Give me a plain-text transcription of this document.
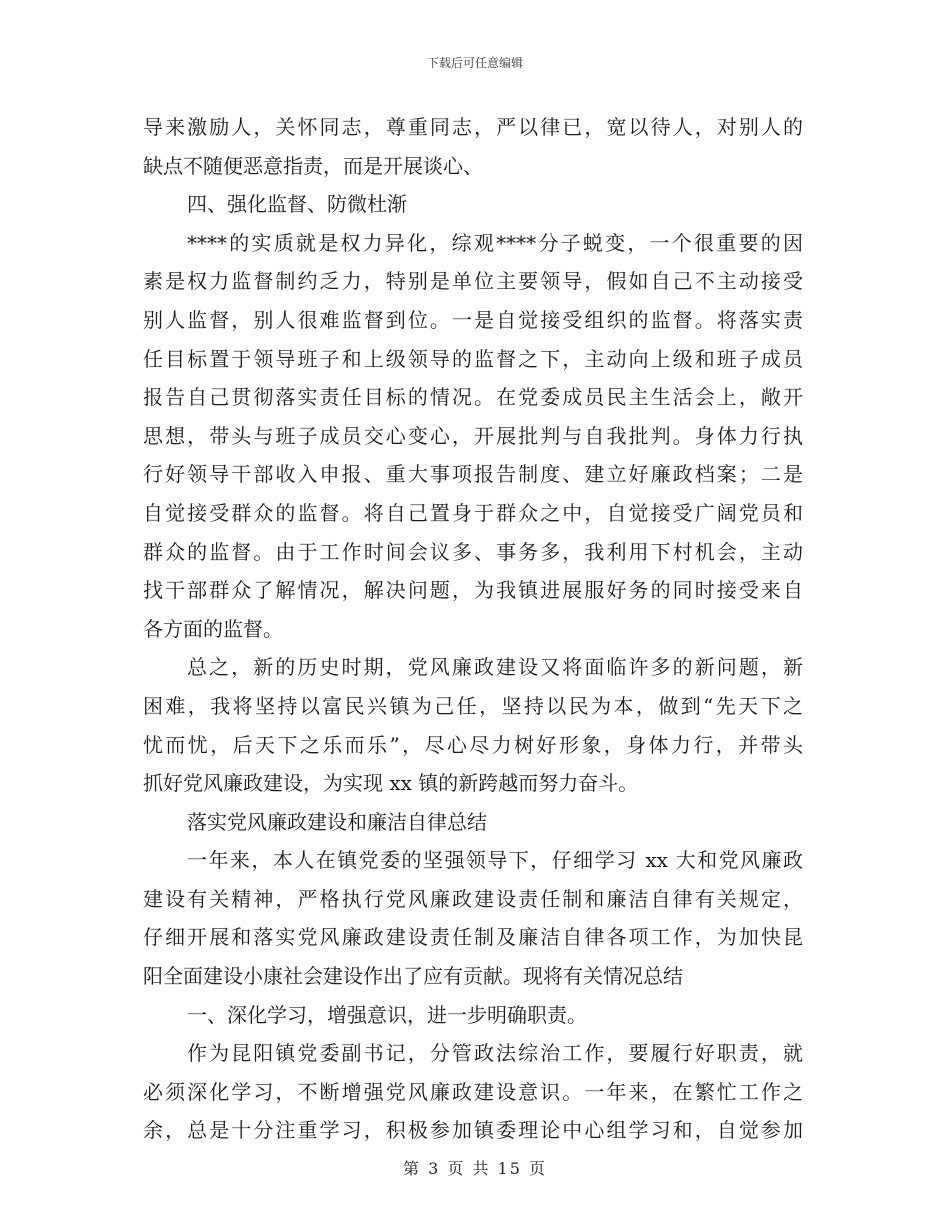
下载后可任意编辑
导来激励人，关怀同志，尊重同志，严以律已，宽以待人，对别人的
缺点不随便恶意指责，而是开展谈心、
四、强化监督、防微杜渐
****的实质就是权力异化，综观****分子蜕变，一个很重要的因
素是权力监督制约乏力，特别是单位主要领导，假如自己不主动接受
别人监督，别人很难监督到位。一是自觉接受组织的监督。将落实责
任目标置于领导班子和上级领导的监督之下，主动向上级和班子成员
报告自己贯彻落实责任目标的情况。在党委成员民主生活会上，敞开
思想，带头与班子成员交心变心，开展批判与自我批判。身体力行执
行好领导干部收入申报、重大事项报告制度、建立好廉政档案；二是
自觉接受群众的监督。将自己置身于群众之中，自觉接受广阔党员和
群众的监督。由于工作时间会议多、事务多，我利用下村机会，主动
找干部群众了解情况，解决问题，为我镇进展服好务的同时接受来自
各方面的监督。
总之，新的历史时期，党风廉政建设又将面临许多的新问题，新
困难，我将坚持以富民兴镇为己任，坚持以民为本，做到“先天下之
忧而忧，后天下之乐而乐”，尽心尽力树好形象，身体力行，并带头
抓好党风廉政建设，为实现 xx 镇的新跨越而努力奋斗。
落实党风廉政建设和廉洁自律总结
一年来，本人在镇党委的坚强领导下，仔细学习 xx 大和党风廉政
建设有关精神，严格执行党风廉政建设责任制和廉洁自律有关规定，
仔细开展和落实党风廉政建设责任制及廉洁自律各项工作，为加快昆
阳全面建设小康社会建设作出了应有贡献。现将有关情况总结
一、深化学习，增强意识，进一步明确职责。
作为昆阳镇党委副书记，分管政法综治工作，要履行好职责，就
必须深化学习，不断增强党风廉政建设意识。一年来，在繁忙工作之
余，总是十分注重学习，积极参加镇委理论中心组学习和，自觉参加
第 3 页 共 15 页
